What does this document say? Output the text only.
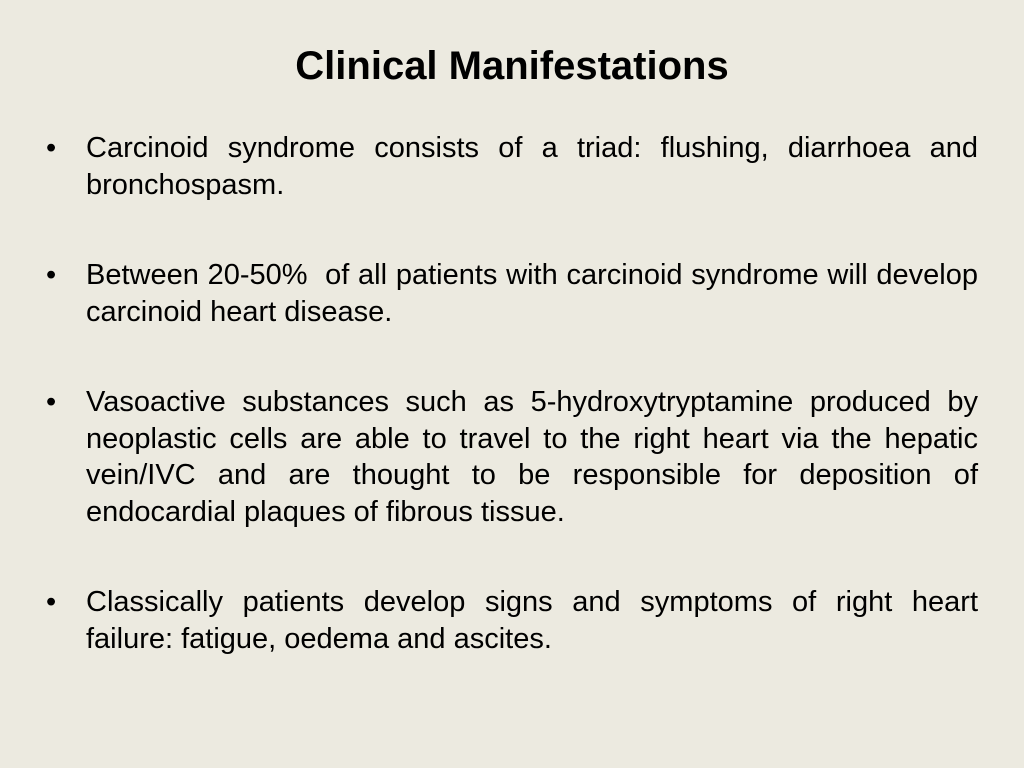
Clinical Manifestations
•	Carcinoid syndrome consists of a triad: flushing, diarrhoea and bronchospasm.
•	Between 20-50%  of all patients with carcinoid syndrome will develop carcinoid heart disease.
•	Vasoactive substances such as 5-hydroxytryptamine produced by neoplastic cells are able to travel to the right heart via the hepatic vein/IVC and are thought to be responsible for deposition of endocardial plaques of fibrous tissue.
•	Classically patients develop signs and symptoms of right heart failure: fatigue, oedema and ascites.
